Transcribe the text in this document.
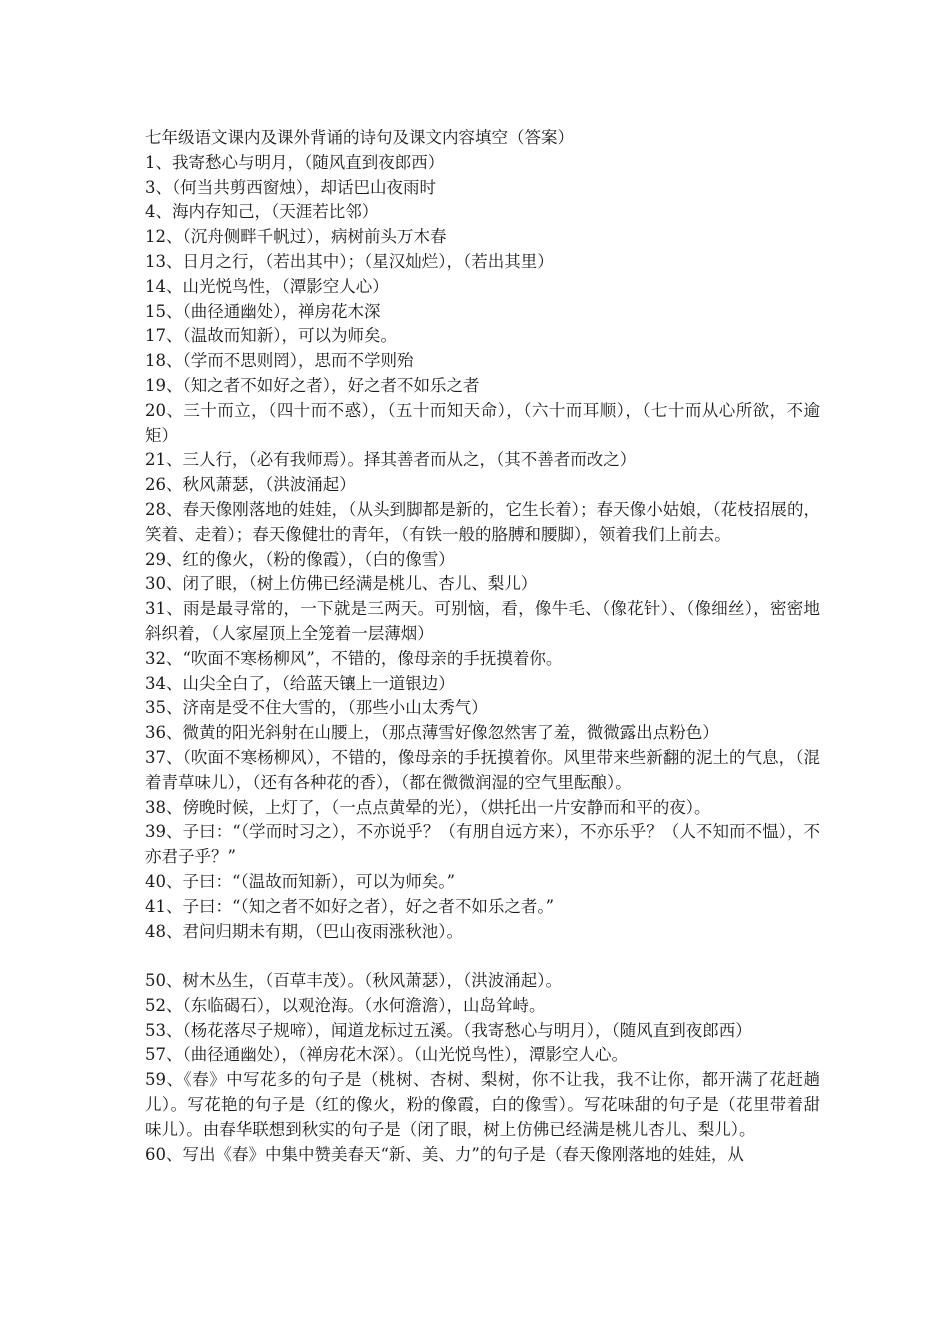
七年级语文课内及课外背诵的诗句及课文内容填空（答案）

1、我寄愁心与明月，（随风直到夜郎西）

3、（何当共剪西窗烛），却话巴山夜雨时

4、海内存知己，（天涯若比邻）

12、（沉舟侧畔千帆过），病树前头万木春

13、日月之行，（若出其中）；（星汉灿烂），（若出其里）

14、山光悦鸟性，（潭影空人心）

15、（曲径通幽处），禅房花木深

17、（温故而知新），可以为师矣。

18、（学而不思则罔），思而不学则殆

19、（知之者不如好之者），好之者不如乐之者

20、三十而立，（四十而不惑），（五十而知天命），（六十而耳顺），（七十而从心所欲，不逾矩）

21、三人行，（必有我师焉）。择其善者而从之，（其不善者而改之）

26、秋风萧瑟，（洪波涌起）

28、春天像刚落地的娃娃，（从头到脚都是新的，它生长着）；春天像小姑娘，（花枝招展的，笑着、走着）；春天像健壮的青年，（有铁一般的胳膊和腰脚），领着我们上前去。

29、红的像火，（粉的像霞），（白的像雪）

30、闭了眼，（树上仿佛已经满是桃儿、杏儿、梨儿）

31、雨是最寻常的，一下就是三两天。可别恼，看，像牛毛、（像花针）、（像细丝），密密地斜织着，（人家屋顶上全笼着一层薄烟）

32、“吹面不寒杨柳风”，不错的，像母亲的手抚摸着你。

34、山尖全白了，（给蓝天镶上一道银边）

35、济南是受不住大雪的，（那些小山太秀气）

36、微黄的阳光斜射在山腰上，（那点薄雪好像忽然害了羞，微微露出点粉色）

37、（吹面不寒杨柳风），不错的，像母亲的手抚摸着你。风里带来些新翻的泥土的气息，（混着青草味儿），（还有各种花的香），（都在微微润湿的空气里酝酿）。

38、傍晚时候，上灯了，（一点点黄晕的光），（烘托出一片安静而和平的夜）。

39、子曰：“（学而时习之），不亦说乎？（有朋自远方来），不亦乐乎？（人不知而不愠），不亦君子乎？”

40、子曰：“（温故而知新），可以为师矣。”

41、子曰：“（知之者不如好之者），好之者不如乐之者。”

48、君问归期未有期，（巴山夜雨涨秋池）。

50、树木丛生，（百草丰茂）。（秋风萧瑟），（洪波涌起）。

52、（东临碣石），以观沧海。（水何澹澹），山岛耸峙。

53、（杨花落尽子规啼），闻道龙标过五溪。（我寄愁心与明月），（随风直到夜郎西）

57、（曲径通幽处），（禅房花木深）。（山光悦鸟性），潭影空人心。

59、《春》中写花多的句子是（桃树、杏树、梨树，你不让我，我不让你，都开满了花赶趟儿）。写花艳的句子是（红的像火，粉的像霞，白的像雪）。写花味甜的句子是（花里带着甜味儿）。由春华联想到秋实的句子是（闭了眼，树上仿佛已经满是桃儿杏儿、梨儿）。

60、写出《春》中集中赞美春天“新、美、力”的句子是（春天像刚落地的娃娃，从
